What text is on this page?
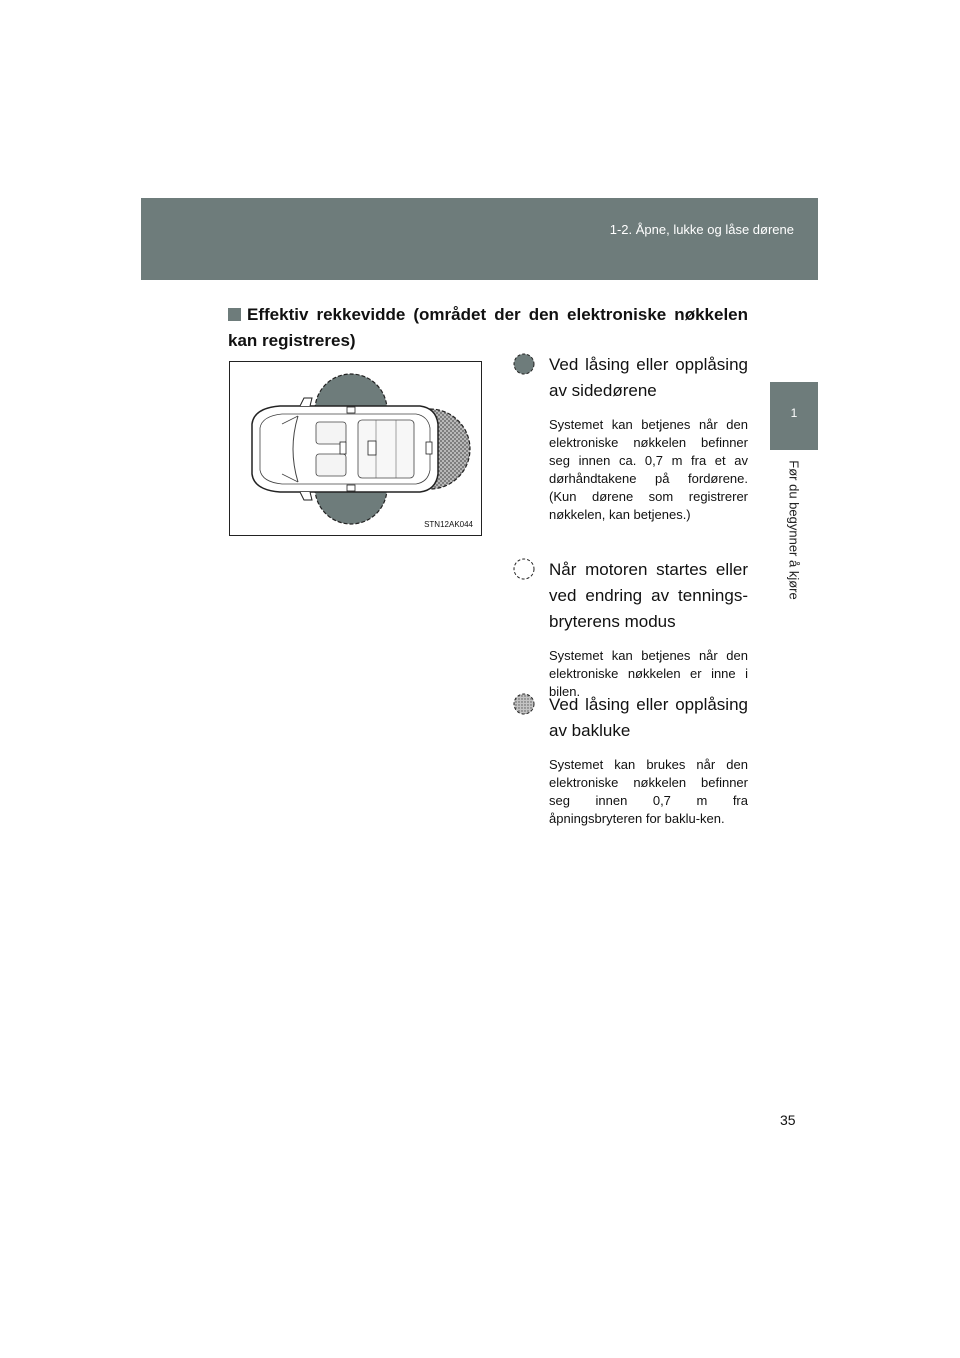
1-2. Åpne, lukke og låse dørene
1
Før du begynner å kjøre
Effektiv rekkevidde (området der den elektroniske nøkkelen kan registreres)
STN12AK044
Ved låsing eller opplåsing av sidedørene
Systemet kan betjenes når den elektroniske nøkkelen befinner seg innen ca. 0,7 m fra et av dørhåndtakene på fordørene. (Kun dørene som registrerer nøkkelen, kan betjenes.)
Når motoren startes eller ved endring av tennings-bryterens modus
Systemet kan betjenes når den elektroniske nøkkelen er inne i bilen.
Ved låsing eller opplåsing av bakluke
Systemet kan brukes når den elektroniske nøkkelen befinner seg innen 0,7 m fra åpningsbryteren for baklu-ken.
35
